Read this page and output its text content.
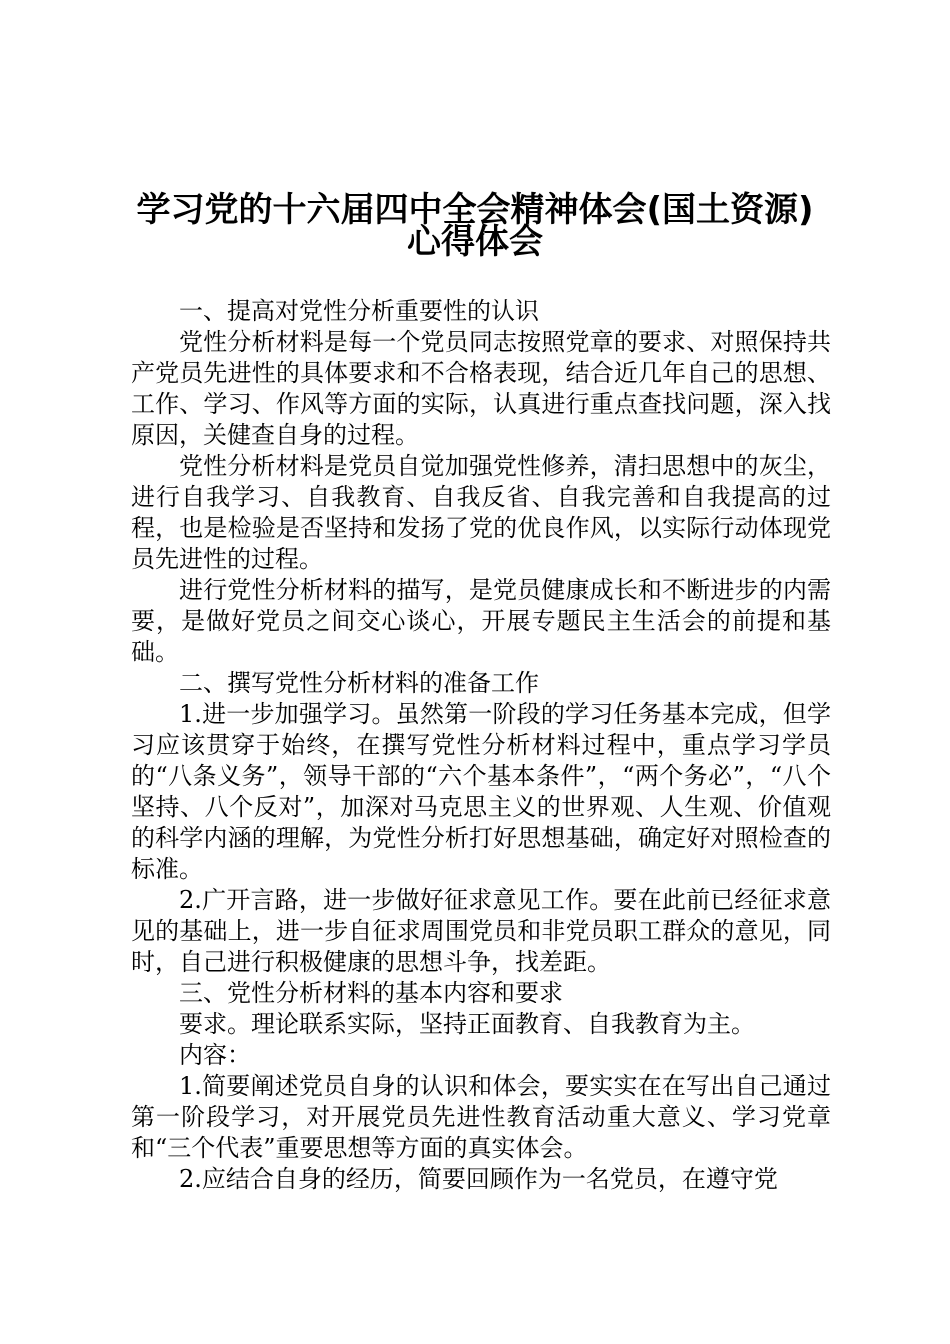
学习党的十六届四中全会精神体会(国土资源)
心得体会

一、提高对党性分析重要性的认识

党性分析材料是每一个党员同志按照党章的要求、对照保持共产党员先进性的具体要求和不合格表现，结合近几年自己的思想、工作、学习、作风等方面的实际，认真进行重点查找问题，深入找原因，关健查自身的过程。

党性分析材料是党员自觉加强党性修养，清扫思想中的灰尘，进行自我学习、自我教育、自我反省、自我完善和自我提高的过程，也是检验是否坚持和发扬了党的优良作风，以实际行动体现党员先进性的过程。

进行党性分析材料的描写，是党员健康成长和不断进步的内需要，是做好党员之间交心谈心，开展专题民主生活会的前提和基础。

二、撰写党性分析材料的准备工作

1.进一步加强学习。虽然第一阶段的学习任务基本完成，但学习应该贯穿于始终，在撰写党性分析材料过程中，重点学习学员的“八条义务”，领导干部的“六个基本条件”，“两个务必”，“八个坚持、八个反对”，加深对马克思主义的世界观、人生观、价值观的科学内涵的理解，为党性分析打好思想基础，确定好对照检查的标准。

2.广开言路，进一步做好征求意见工作。要在此前已经征求意见的基础上，进一步自征求周围党员和非党员职工群众的意见，同时，自己进行积极健康的思想斗争，找差距。

三、党性分析材料的基本内容和要求

要求。理论联系实际，坚持正面教育、自我教育为主。

内容：

1.简要阐述党员自身的认识和体会，要实实在在写出自己通过第一阶段学习，对开展党员先进性教育活动重大意义、学习党章和“三个代表”重要思想等方面的真实体会。

2.应结合自身的经历，简要回顾作为一名党员，在遵守党
